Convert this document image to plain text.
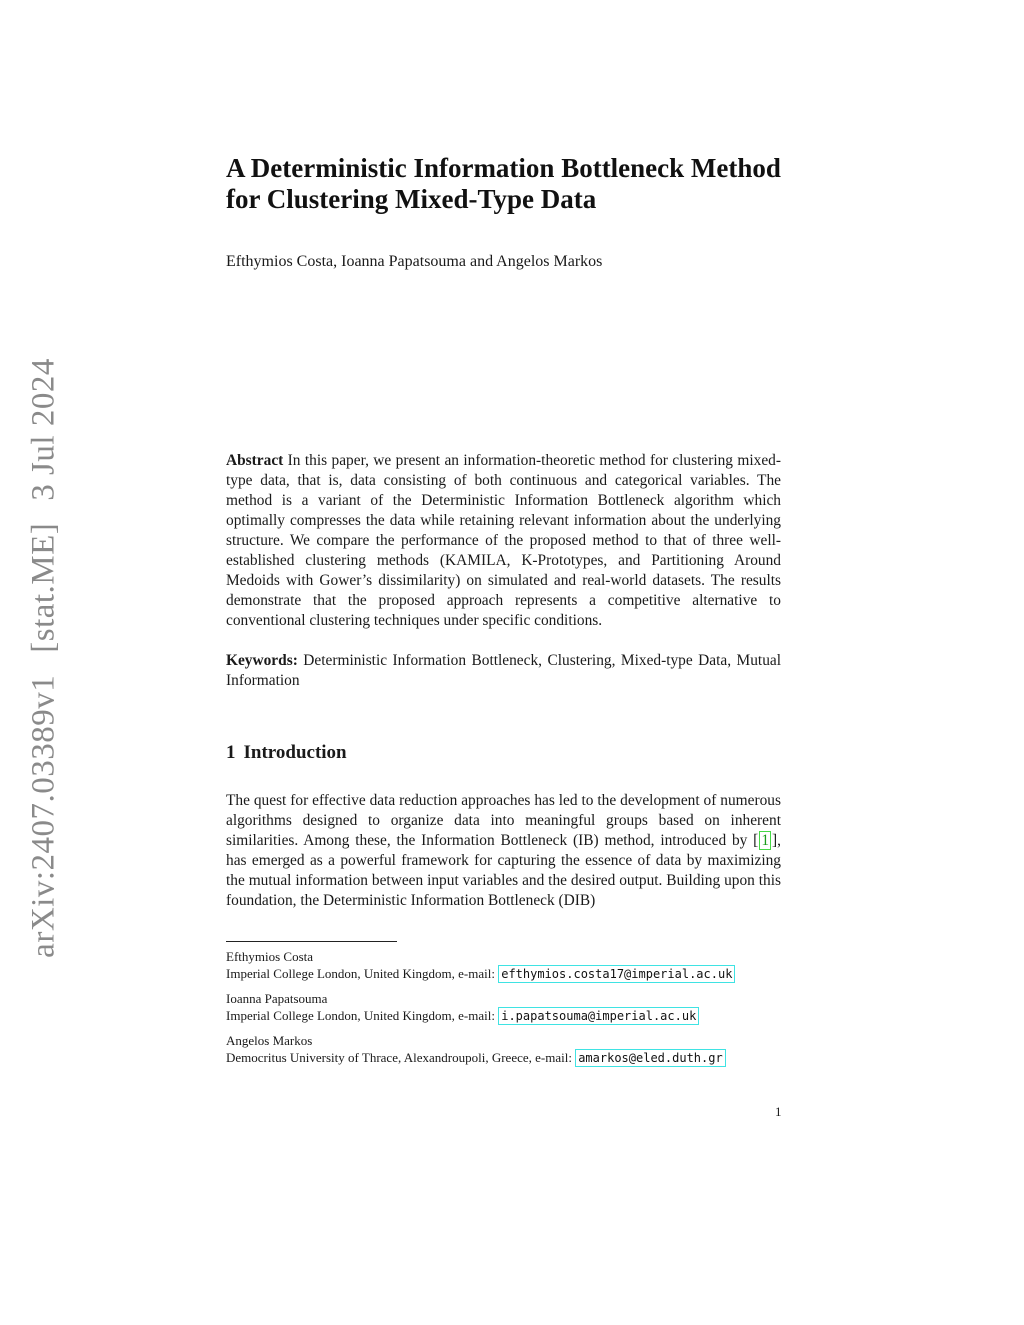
arXiv:2407.03389v1[stat.ME]3 Jul 2024
A Deterministic Information Bottleneck Method
for Clustering Mixed-Type Data
Efthymios Costa, Ioanna Papatsouma and Angelos Markos

Abstract In this paper, we present an information-theoretic method for clustering mixed-type data, that is, data consisting of both continuous and categorical variables. The method is a variant of the Deterministic Information Bottleneck algorithm which optimally compresses the data while retaining relevant information about the underlying structure. We compare the performance of the proposed method to that of three well-established clustering methods (KAMILA, K-Prototypes, and Partitioning Around Medoids with Gower’s dissimilarity) on simulated and real-world datasets. The results demonstrate that the proposed approach represents a competitive alternative to conventional clustering techniques under specific conditions.

Keywords: Deterministic Information Bottleneck, Clustering, Mixed-type Data, Mutual Information

1 Introduction

The quest for effective data reduction approaches has led to the development of numerous algorithms designed to organize data into meaningful groups based on inherent similarities. Among these, the Information Bottleneck (IB) method, introduced by [ 1 ], has emerged as a powerful framework for capturing the essence of data by maximizing the mutual information between input variables and the desired output. Building upon this foundation, the Deterministic Information Bottleneck (DIB)

Efthymios Costa
Imperial College London, United Kingdom, e-mail: efthymios.costa17@imperial.ac.uk
Ioanna Papatsouma
Imperial College London, United Kingdom, e-mail: i.papatsouma@imperial.ac.uk
Angelos Markos
Democritus University of Thrace, Alexandroupoli, Greece, e-mail: amarkos@eled.duth.gr
1
